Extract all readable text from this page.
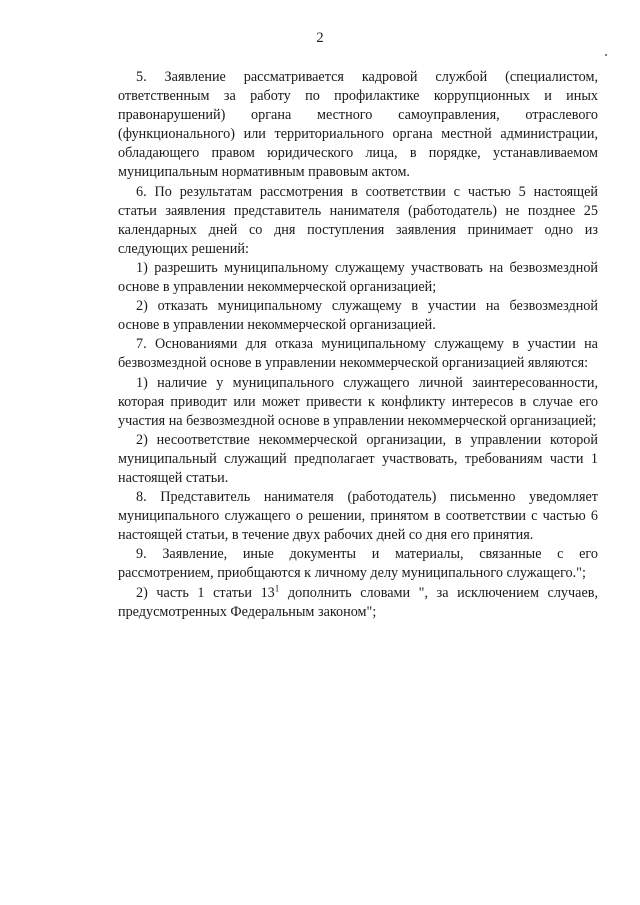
2

5. Заявление рассматривается кадровой службой (специалистом, ответственным за работу по профилактике коррупционных и иных правонарушений) органа местного самоуправления, отраслевого (функционального) или территориального органа местной администрации, обладающего правом юридического лица, в порядке, устанавливаемом муниципальным нормативным правовым актом.

6. По результатам рассмотрения в соответствии с частью 5 настоящей статьи заявления представитель нанимателя (работодатель) не позднее 25 календарных дней со дня поступления заявления принимает одно из следующих решений:

1) разрешить муниципальному служащему участвовать на безвозмездной основе в управлении некоммерческой организацией;

2) отказать муниципальному служащему в участии на безвозмездной основе в управлении некоммерческой организацией.

7. Основаниями для отказа муниципальному служащему в участии на безвозмездной основе в управлении некоммерческой организацией являются:

1) наличие у муниципального служащего личной заинтересованности, которая приводит или может привести к конфликту интересов в случае его участия на безвозмездной основе в управлении некоммерческой организацией;

2) несоответствие некоммерческой организации, в управлении которой муниципальный служащий предполагает участвовать, требованиям части 1 настоящей статьи.

8. Представитель нанимателя (работодатель) письменно уведомляет муниципального служащего о решении, принятом в соответствии с частью 6 настоящей статьи, в течение двух рабочих дней со дня его принятия.

9. Заявление, иные документы и материалы, связанные с его рассмотрением, приобщаются к личному делу муниципального служащего.";

2) часть 1 статьи $13^1$ дополнить словами ", за исключением случаев, предусмотренных Федеральным законом";
